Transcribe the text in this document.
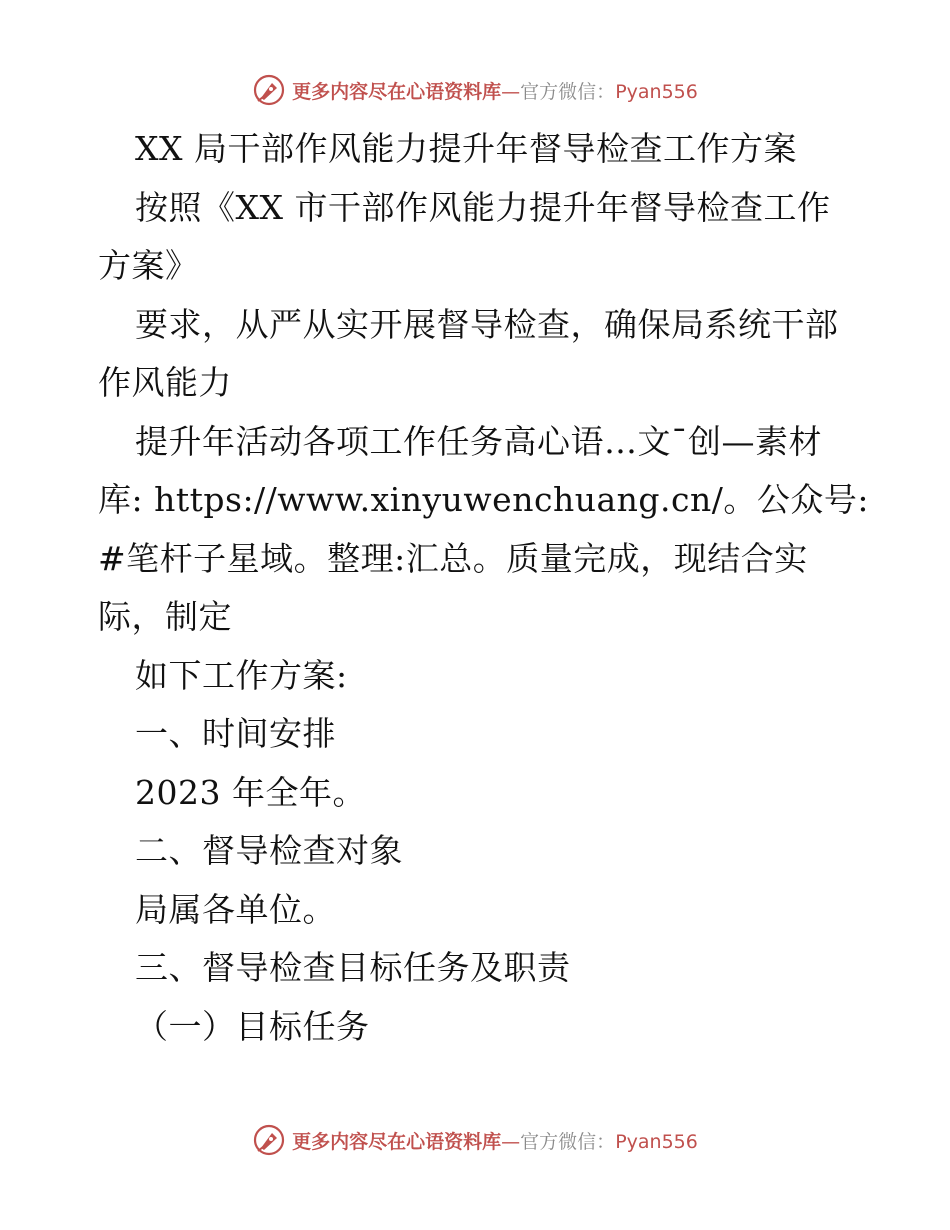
更多内容尽在心语资料库—官方微信：Pyan556
XX 局干部作风能力提升年督导检查工作方案
按照《XX 市干部作风能力提升年督导检查工作
方案》
要求，从严从实开展督导检查，确保局系统干部
作风能力
提升年活动各项工作任务高心语…文¯创—素材
库: https://www.xinyuwenchuang.cn/。公众号:
#笔杆子星域。整理:汇总。质量完成，现结合实
际，制定
如下工作方案:
一、时间安排
2023 年全年。
二、督导检查对象
局属各单位。
三、督导检查目标任务及职责
（一）目标任务
更多内容尽在心语资料库—官方微信：Pyan556
